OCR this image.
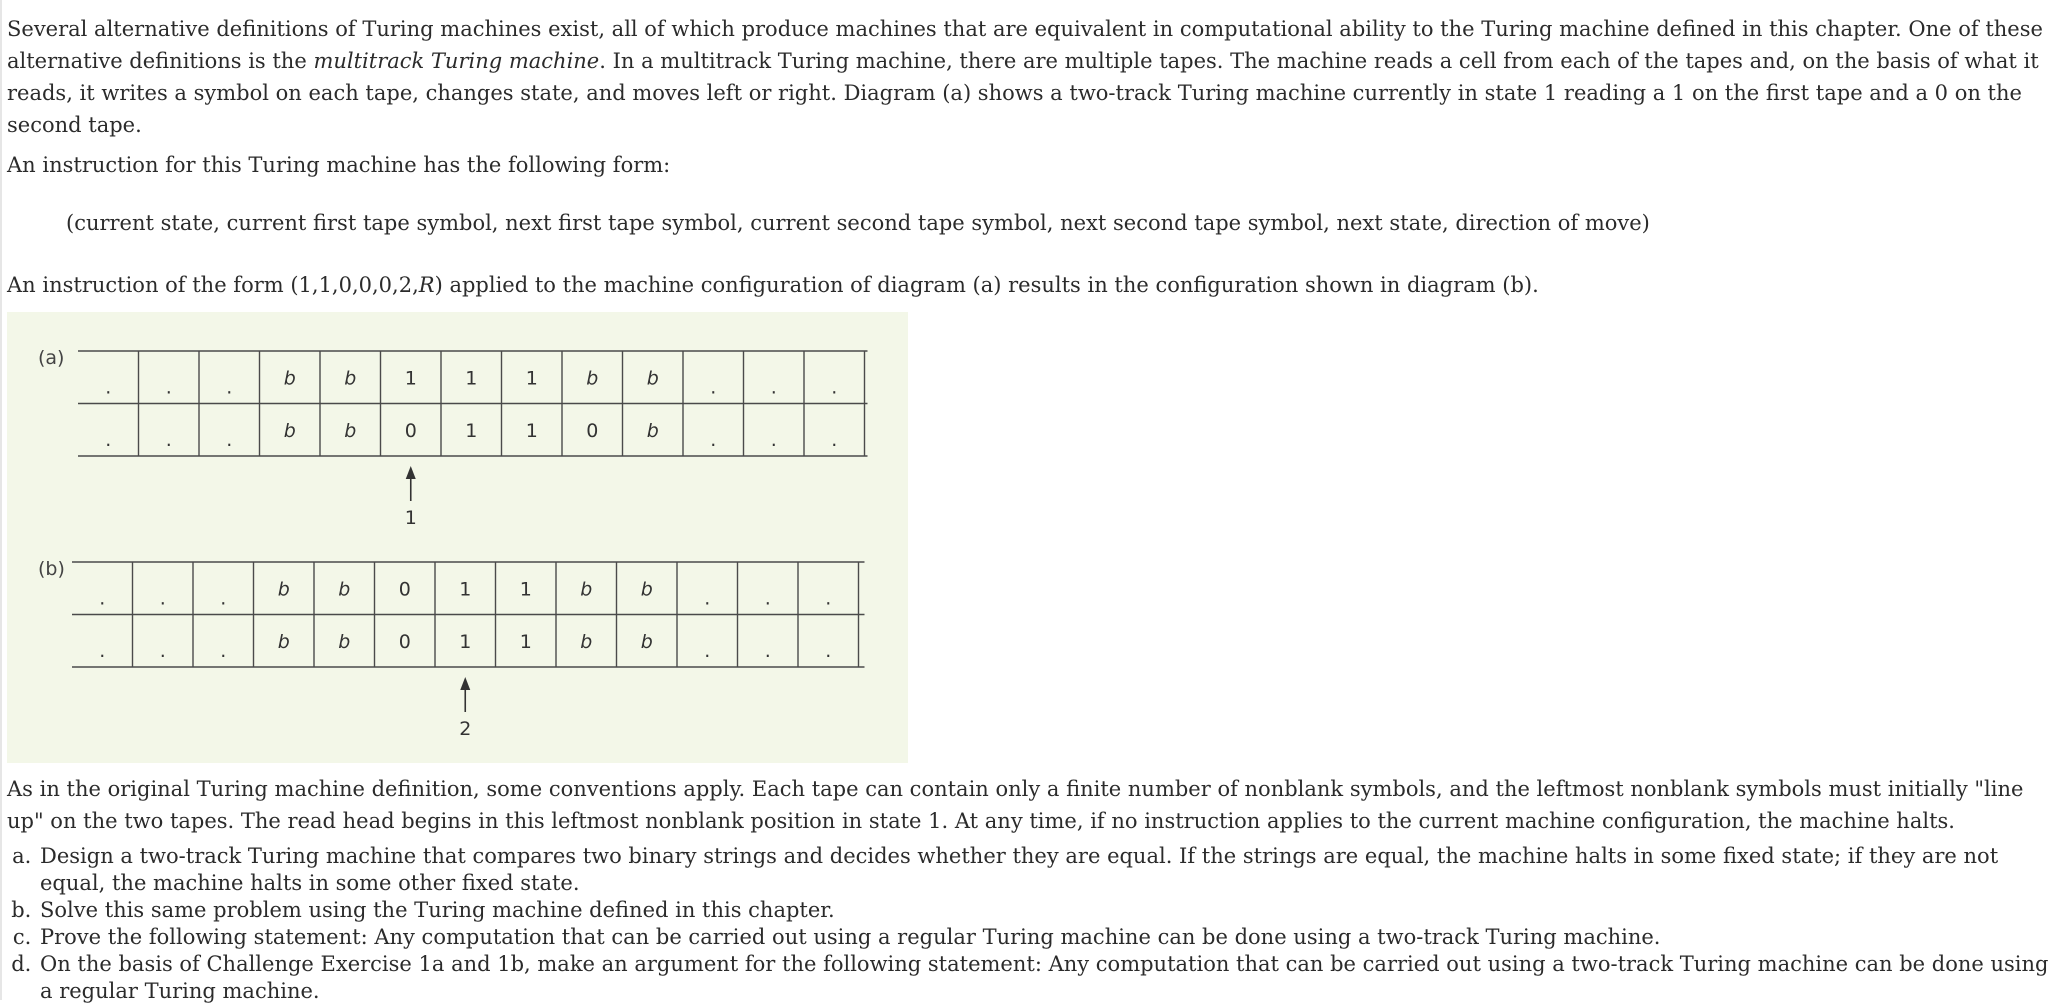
Several alternative definitions of Turing machines exist, all of which produce machines that are equivalent in computational ability to the Turing machine defined in this chapter. One of these alternative definitions is the multitrack Turing machine. In a multitrack Turing machine, there are multiple tapes. The machine reads a cell from each of the tapes and, on the basis of what it reads, it writes a symbol on each tape, changes state, and moves left or right. Diagram (a) shows a two-track Turing machine currently in state 1 reading a 1 on the first tape and a 0 on the second tape.

An instruction for this Turing machine has the following form:

(current state, current first tape symbol, next first tape symbol, current second tape symbol, next second tape symbol, next state, direction of move)

An instruction of the form (1,1,0,0,0,2,R) applied to the machine configuration of diagram (a) results in the configuration shown in diagram (b).

(a)
.	.	.	b	b	1	1	1	b	b	.	.	.
.	.	.	b	b	0	1	1	0	b	.	.	.
1
(b)
.	.	.	b	b	0	1	1	b	b	.	.	.
.	.	.	b	b	0	1	1	b	b	.	.	.
2

As in the original Turing machine definition, some conventions apply. Each tape can contain only a finite number of nonblank symbols, and the leftmost nonblank symbols must initially "line up" on the two tapes. The read head begins in this leftmost nonblank position in state 1. At any time, if no instruction applies to the current machine configuration, the machine halts.

a. Design a two-track Turing machine that compares two binary strings and decides whether they are equal. If the strings are equal, the machine halts in some fixed state; if they are not equal, the machine halts in some other fixed state.
b. Solve this same problem using the Turing machine defined in this chapter.
c. Prove the following statement: Any computation that can be carried out using a regular Turing machine can be done using a two-track Turing machine.
d. On the basis of Challenge Exercise 1a and 1b, make an argument for the following statement: Any computation that can be carried out using a two-track Turing machine can be done using a regular Turing machine.
